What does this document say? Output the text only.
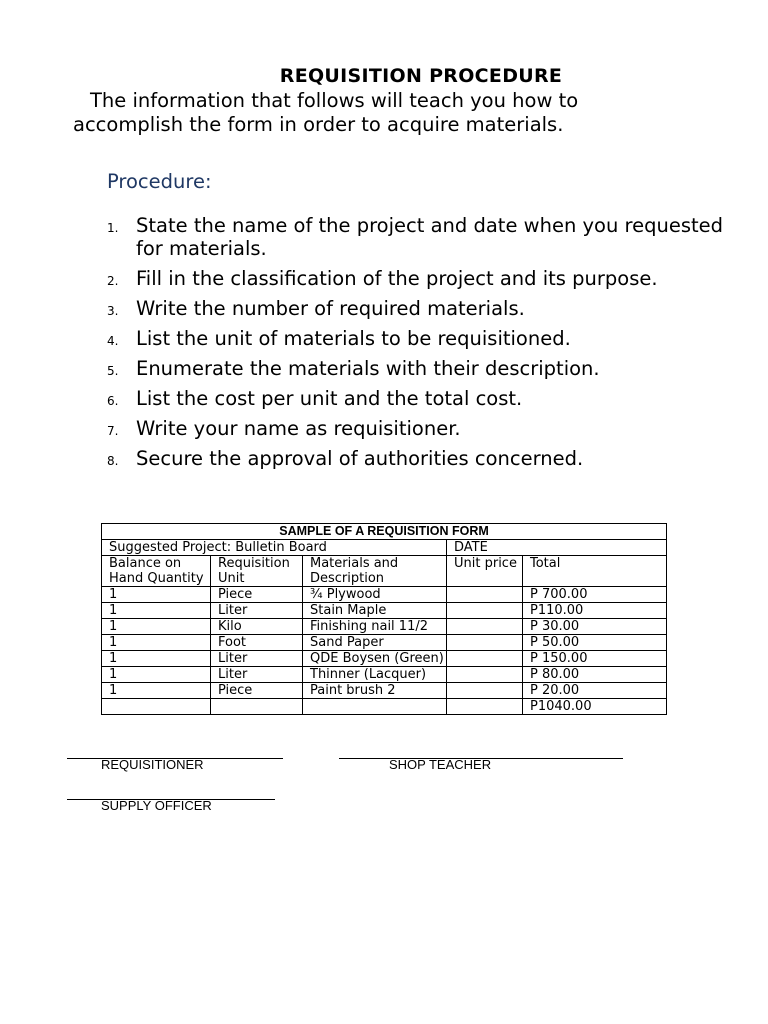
REQUISITION PROCEDURE
The information that follows will teach you how to
accomplish the form in order to acquire materials.
Procedure:
1. State the name of the project and date when you requested for materials.
2. Fill in the classification of the project and its purpose.
3. Write the number of required materials.
4. List the unit of materials to be requisitioned.
5. Enumerate the materials with their description.
6. List the cost per unit and the total cost.
7. Write your name as requisitioner.
8. Secure the approval of authorities concerned.
SAMPLE OF A REQUISITION FORM				
Suggested Project: Bulletin Board			DATE	
Balance on Hand Quantity	Requisition Unit	Materials and Description	Unit price	Total
1	Piece	¾ Plywood		P 700.00
1	Liter	Stain Maple		P110.00
1	Kilo	Finishing nail 11/2		P 30.00
1	Foot	Sand Paper		P 50.00
1	Liter	QDE Boysen (Green)		P 150.00
1	Liter	Thinner (Lacquer)		P 80.00
1	Piece	Paint brush 2		P 20.00
				P1040.00
REQUISITIONER	SHOP TEACHER
SUPPLY OFFICER
